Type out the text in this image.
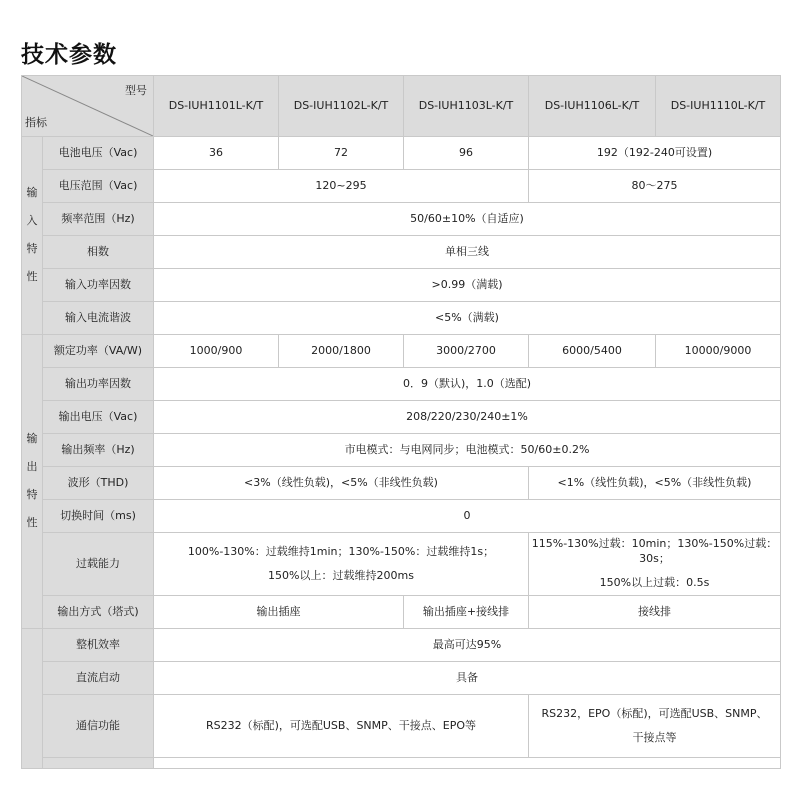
技术参数
型号
指标		DS-IUH1101L-K/T	DS-IUH1102L-K/T	DS-IUH1103L-K/T	DS-IUH1106L-K/T	DS-IUH1110L-K/T

输
入
特
性	电池电压（Vac)	36	72	96	192（192-240可设置)	
	电压范围（Vac)	120~295			80～275	
	频率范围（Hz)	50/60±10%（自适应)				
	相数	单相三线				
	输入功率因数	>0.99（满载)				
	输入电流谐波	<5%（满载)				

输
出
特
性	额定功率（VA/W)	1000/900	2000/1800	3000/2700	6000/5400	10000/9000
	输出功率因数	0．9（默认)，1.0（选配)				
	输出电压（Vac)	208/220/230/240±1%				
	输出频率（Hz)	市电模式：与电网同步；电池模式：50/60±0.2%				
	波形（THD)	<3%（线性负载)，<5%（非线性负载)			<1%（线性负载)，<5%（非线性负载)	
	切换时间（ms)	0				
	过载能力	100%-130%：过载维持1min；130%-150%：过载维持1s；
150%以上：过载维持200ms			115%-130%过载：10min；130%-150%过载：30s；
150%以上过载：0.5s	

	输出方式（塔式)	输出插座		输出插座+接线排	接线排	
	整机效率	最高可达95%				
	直流启动	具备				
	通信功能	RS232（标配)，可选配USB、SNMP、干接点、EPO等			RS232，EPO（标配)，可选配USB、SNMP、
干接点等	
